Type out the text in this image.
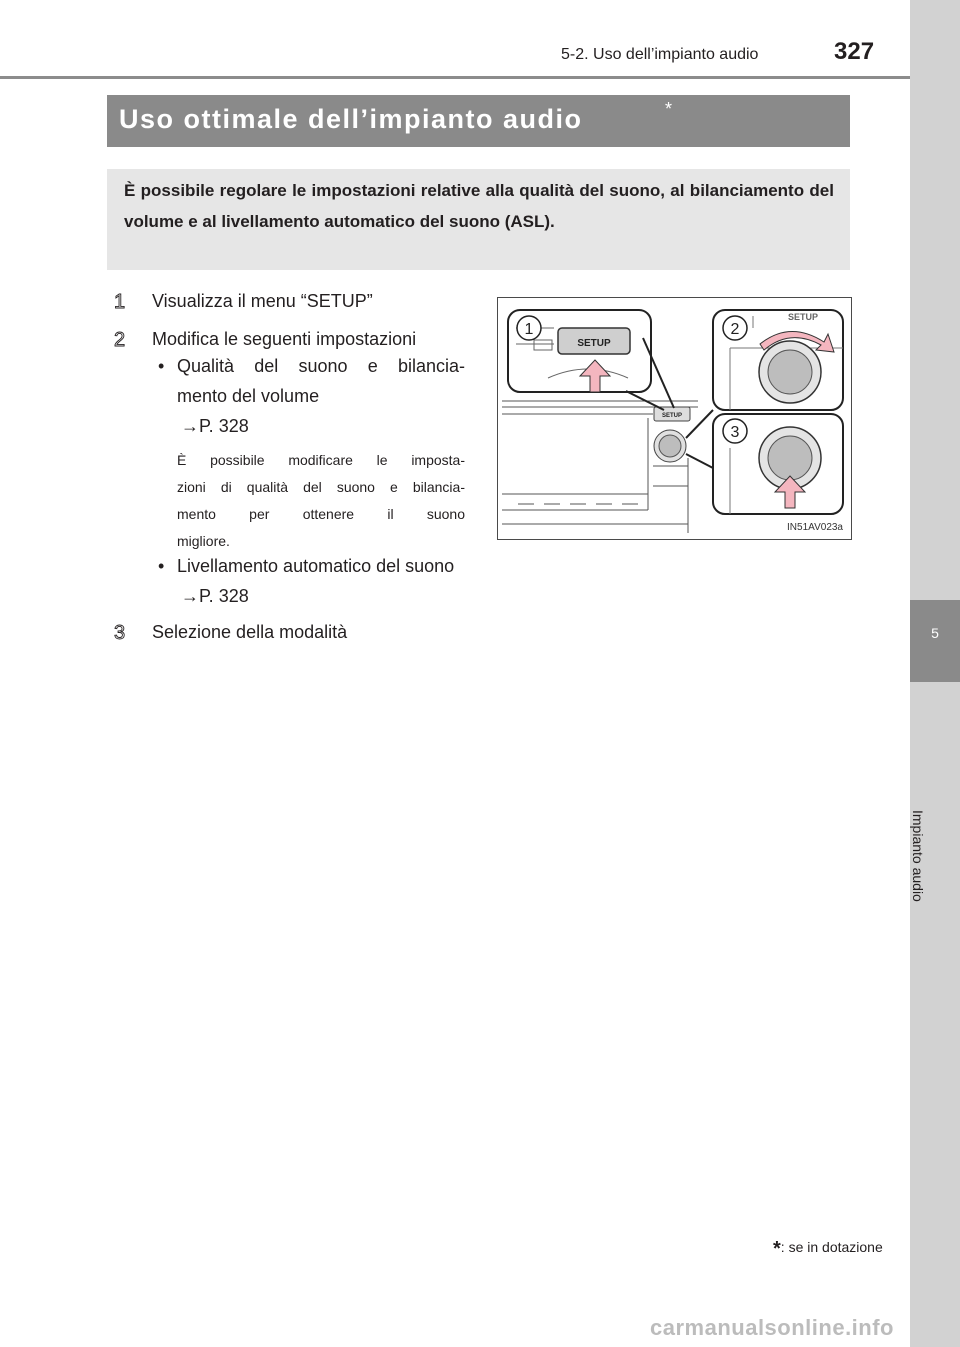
5-2. Uso dell’impianto audio	327
Uso ottimale dell’impianto audio	*
È possibile regolare le impostazioni relative alla qualità del suono, al bilanciamento del volume e al livellamento automatico del suono (ASL).
1 Visualizza il menu “SETUP”
2 Modifica le seguenti impostazioni
• Qualità del suono e bilancia-
mento del volume
→P. 328
È possibile modificare le imposta-
zioni di qualità del suono e bilancia-
mento per ottenere il suono
migliore.
• Livellamento automatico del suono
→P. 328
3 Selezione della modalità
SETUP
SETUP
1
SETUP
2
3
IN51AV023a
5
Impianto audio
*: se in dotazione
carmanualsonline.info
